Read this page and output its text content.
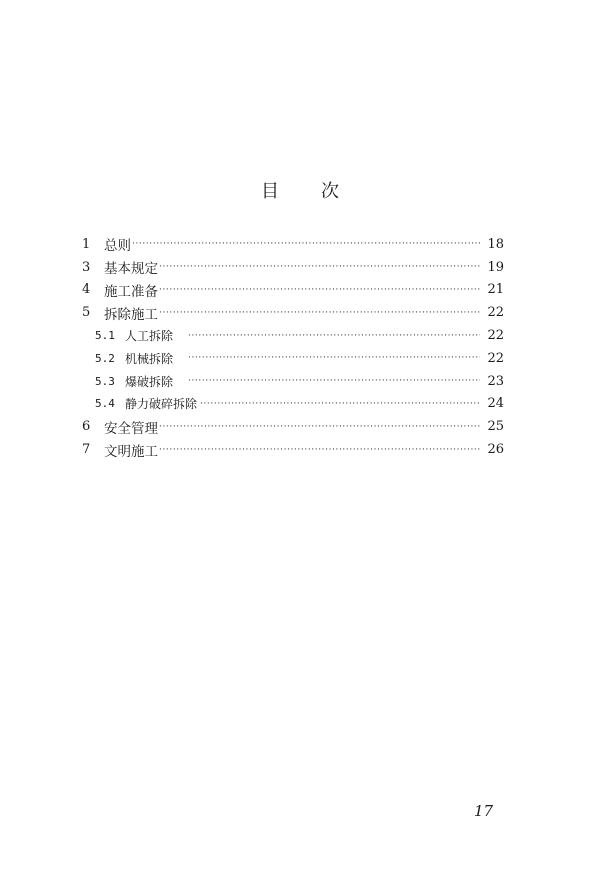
目 次
1	总则 ·····	18
3	基本规定 ·····	19
4	施工准备 ·····	21
5	拆除施工 ·····	22
5.1 人工拆除 ·····	22
5.2 机械拆除 ·····	22
5.3 爆破拆除 ·····	23
5.4 静力破碎拆除 ·····	24
6	安全管理 ·····	25
7	文明施工 ·····	26
17
